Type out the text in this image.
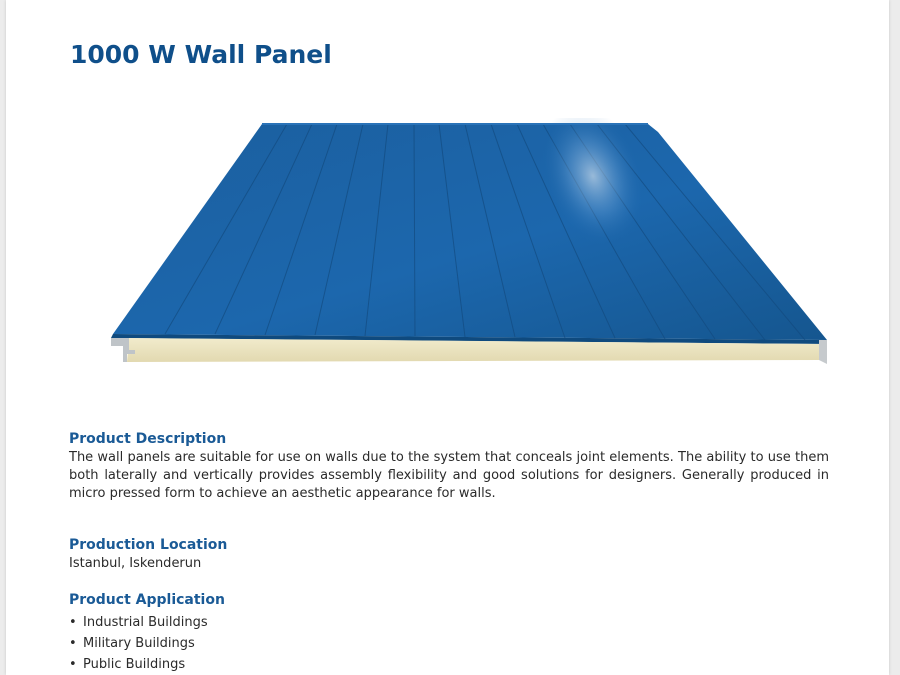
1000 W Wall Panel
Product Description

The wall panels are suitable for use on walls due to the system that conceals joint elements. The ability to use them both laterally and vertically provides assembly flexibility and good solutions for designers. Generally produced in micro pressed form to achieve an aesthetic appearance for walls.

Production Location

Istanbul, Iskenderun

Product Application
• Industrial Buildings
• Military Buildings
• Public Buildings
